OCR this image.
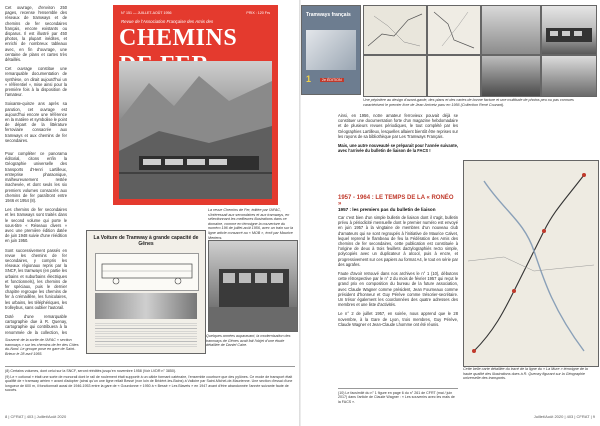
Cet ouvrage, d'environ 250 pages, recense l'ensemble des réseaux de tramways et de chemins de fer secondaires français, encore existants ou disparus. Il est illustré par 450 photos, la plupart inédites, et enrichi de nombreux tableaux avec, en fin d'ouvrage, une centaine de plans et cartes très détaillés.

Cet ouvrage constitue une remarquable documentation de synthèse, on dirait aujourd'hui un « référentiel », mise ainsi pour la première fois à la disposition de l'amateur.

Soixante-quinze ans après sa parution, cet ouvrage est aujourd'hui encore une référence en la matière et symbolise le point de départ de la littérature ferroviaire consacrée aux tramways et aux chemins de fer secondaires.

Pour compléter ce panorama éditorial, citons enfin la Géographie universelle des transports d'Henri Lartilleux, entreprise pharaonique, malheureusement restée inachevée, et dont seuls les six premiers volumes consacrés aux chemins de fer paraîtront entre 1946 et 1954 (8).

Les chemins de fer secondaires et les tramways sont traités dans le second volume qui porte le sous-titre « Réseaux divers » avec une première édition datée de juin 1948 suivie d'une réédition en juin 1950.

Sont successivement passés en revue les chemins de fer secondaires, y compris les réseaux régionaux repris par la SNCF, les tramways (en partie les urbains et suburbains électriques et fonctionnels), les chemins de fer spéciaux, puis le dernier chapitre regroupe les chemins de fer à crémaillère, les funiculaires, les urbains, les téléphériques, les trolleybus, sans oublier l'autorail.

Doté d'une remarquable cartographie due à R. Quenay, cartographie qui contribuera à la renommée de la collection, les

N° 151 — JUILLET-AOÛT 1956	PRIX : 120 Frs
Revue de l'Association Française des Amis des
CHEMINS
La revue Chemins de Fer, éditée par l'AFAC, s'intéressait aux secondaires et aux tramways, en sélectionnant les meilleures illustrations dans ce domaine, comme en témoigne la couverture du numéro 196 de juillet-août 1956, avec un train sur la ligne article consacré au « MOB », écrit par Maurice Mertens.
La Voiture de Tramway à grande capacité de Gênes
Quelques années auparavant, la modernisation des tramways de Gênes avait fait l'objet d'une étude détaillée de Daniel Caire.
Souvenir de la sortie de l'AFAC « section tramways » sur les chemins de fer des Côtes du-Nord. Le groupe pose en gare de Saint-Brieuc le 28 avril 1955.
(8) Certains volumes, dont celui sur la SNCF, seront réédités jusqu'en novembre 1958 (Voir LVDR n° 3850).
(9) Le « cotional » était une sorte de monorail dont le rail de roulement était supporté à un câble formant caténaire, l'ensemble courbure que des pylônes. Ce mode de transport était qualifié de « tramway aérien » avant d'adopter (ainsi qu'un une ligne reliait Bessé (non loin de Bridéré-les-Bains) à Valloire par Saint-Michel-de-Maurienne. Une section d'essai d'une longueur de 600 m, il fonctionnait aussi de 1946-1953 entre la gare de « Gourdonne » 1950 à « Bessé » Les Blavets » en 1947 avant d'être abandonnée l'année suivante faute de succès.
8 | CFRAT | 403 | Juillet/Août 2020
Tramways français
1	2e ÉDITION
Une pépinière au design d'avant-garde, des plans et des cartes de bonne facture et une multitude de photos peu ou pas connues caractérisent le premier livre de Jean Arrivetz paru en 1956 (Collection René Courant).

Ainsi, en 1956, notre amateur ferrovieux pouvait déjà se constituer une documentation forte d'un magazine hebdomadaire et de plusieurs revues périodiques, le tout complété par les Géographies Lartilleux, lesquelles allaient bientôt être reprises sur les rayons de sa bibliothèque par Les Tramways Français.

Mais, une autre nouveauté se préparait pour l'année suivante, avec l'arrivée du bulletin de liaison de la FACS !

1957 - 1964 : LE TEMPS DE LA « RONÉO »
1957 : les premiers pas du bulletin de liaison

Car c'est bien d'un simple bulletin de liaison dont il s'agit, bulletin prévu à périodicité mensuelle dont le premier numéro est envoyé en juin 1957 à la vingtaine de membres d'un nouveau club d'amateurs qui se sont regroupés à l'initiative de Maurice Calvet, lequel reprend le flambeau de feu la Fédération des Amis des chemins de fer secondaires, cette publication est constituée à l'origine de deux à trois feuillets dactylographiés recto simple, polycopiés avec un duplicateur à alcool, puis à encre, et progressivement sur ces papiers au format A4, le tout en série par des agrafes.

Faute d'avoir retrouvé dans nos archives le n° 1 (10), débutons cette rétrospective par le n° 2 du mois de février 1957 qui reçut le grand prix en composition du bureau de la future association, avec Claude Wagner comme président, Jean Fourneaux comme président d'honneur et Guy Pérève comme trésorier-secrétaire. Un trésor également les coordonnées des quatre adresses des membres et une liste d'activités.

Le n° 2 de juillet 1957, en soirée, nous apprend que le 28 novembre, à la Gare de Lyon, trois membres, Guy Pérève, Claude Wagner et Jean-Claude Lhomme ont été réunis.

Cette belle carte détaillée du tracé de la ligne du « La Mure » témoigne de la haute qualité des illustrations dues à R. Quenay figurant sur la Géographie universelle des transports.
(10) Le facsimilé du n° 1 figure en page 6 du n° 261 de CFRT (mai / juin 2017) dans l'article de Claude Wagner : « Les souvenirs avec les mais de la FACS ».
Juillet/Août 2020 | 403 | CFRAT | 9
